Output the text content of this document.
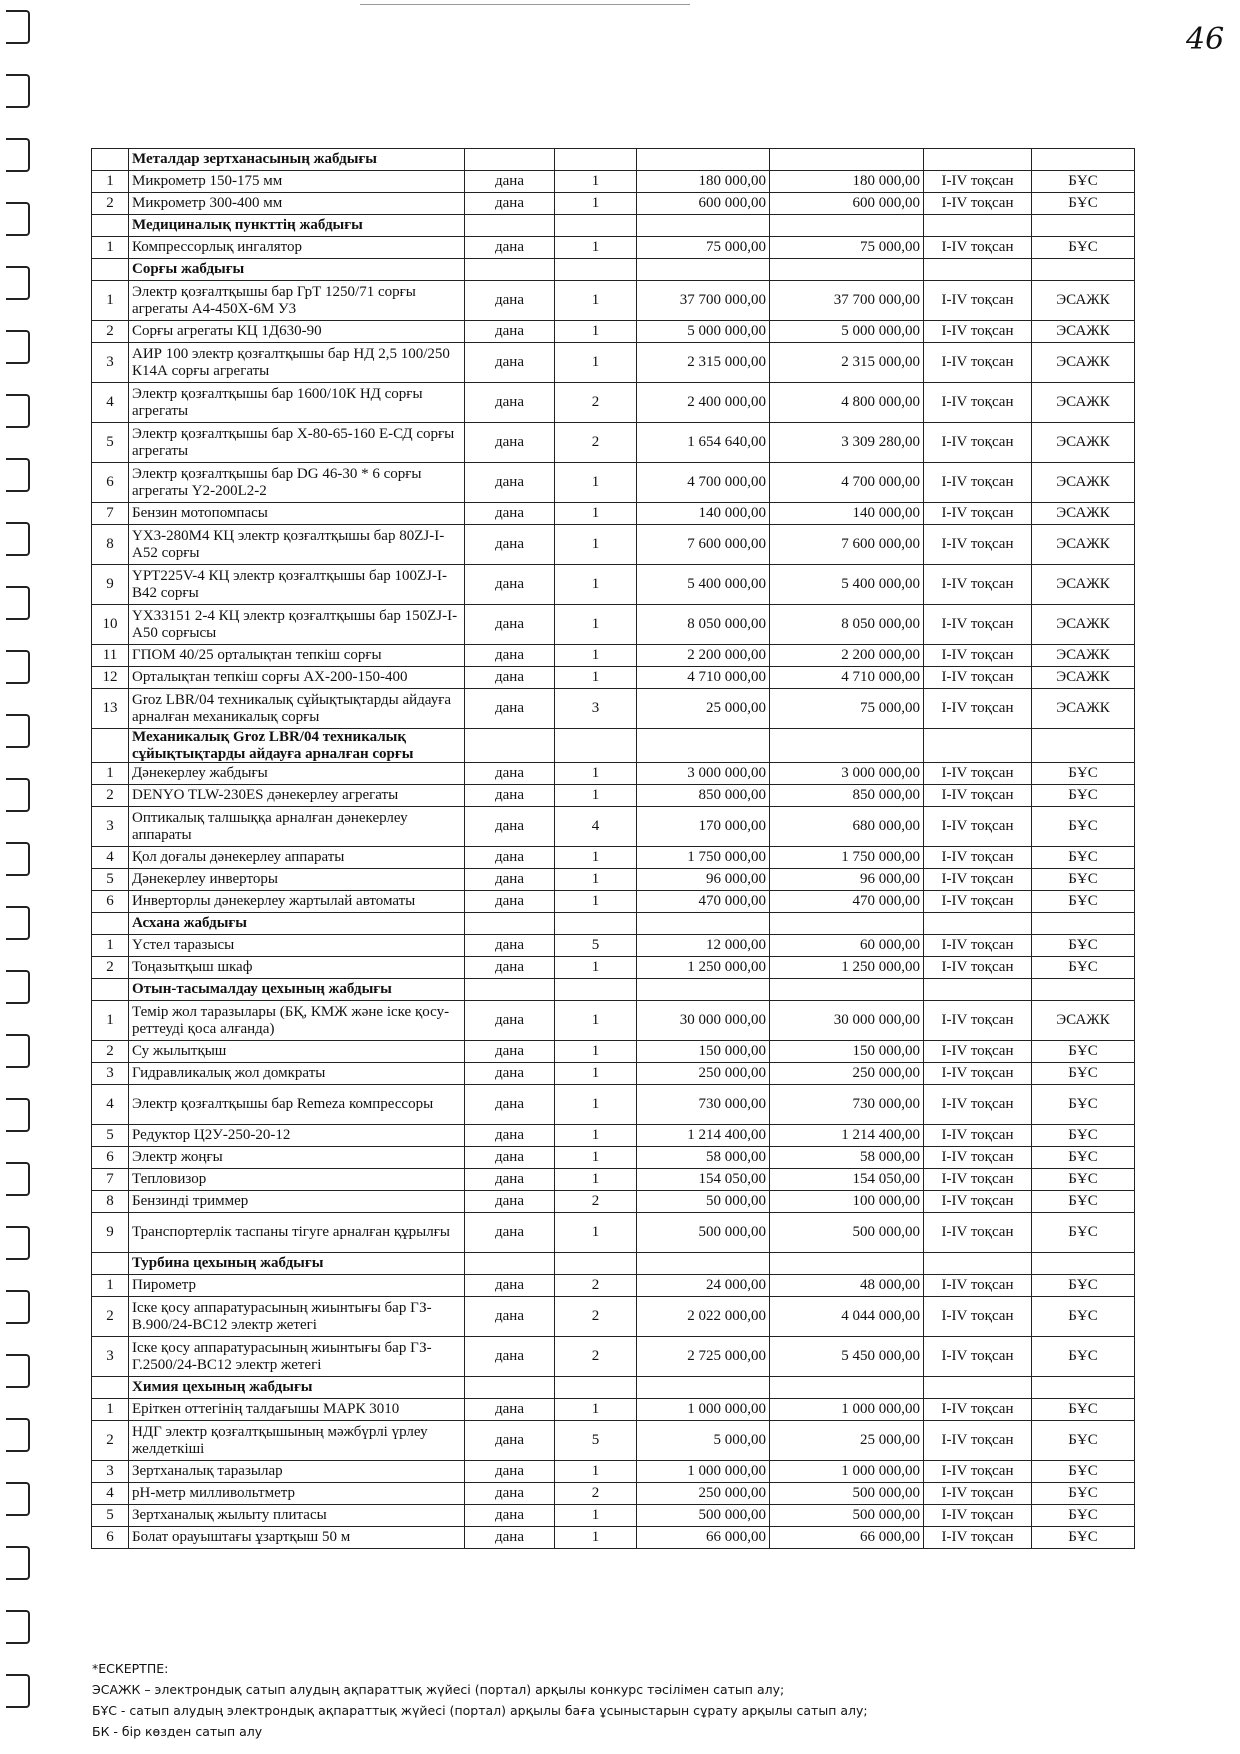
46
	Металдар зертханасының жабдығы						
1	Микрометр 150-175 мм	дана	1	180 000,00	180 000,00	I-IV тоқсан	БҰС
2	Микрометр 300-400 мм	дана	1	600 000,00	600 000,00	I-IV тоқсан	БҰС
	Медициналық пункттің жабдығы						
1	Компрессорлық ингалятор	дана	1	75 000,00	75 000,00	I-IV тоқсан	БҰС
	Сорғы жабдығы						
1	Электр қозғалтқышы бар ГрТ 1250/71 сорғы агрегаты А4-450Х-6М У3	дана	1	37 700 000,00	37 700 000,00	I-IV тоқсан	ЭСАЖК
2	Сорғы агрегаты КЦ 1Д630-90	дана	1	5 000 000,00	5 000 000,00	I-IV тоқсан	ЭСАЖК
3	АИР 100 электр қозғалтқышы бар НД 2,5 100/250 К14А сорғы агрегаты	дана	1	2 315 000,00	2 315 000,00	I-IV тоқсан	ЭСАЖК
4	Электр қозғалтқышы бар 1600/10К НД сорғы агрегаты	дана	2	2 400 000,00	4 800 000,00	I-IV тоқсан	ЭСАЖК
5	Электр қозғалтқышы бар Х-80-65-160 Е-СД сорғы агрегаты	дана	2	1 654 640,00	3 309 280,00	I-IV тоқсан	ЭСАЖК
6	Электр қозғалтқышы бар DG 46-30 * 6 сорғы агрегаты Y2-200L2-2	дана	1	4 700 000,00	4 700 000,00	I-IV тоқсан	ЭСАЖК
7	Бензин мотопомпасы	дана	1	140 000,00	140 000,00	I-IV тоқсан	ЭСАЖК
8	YX3-280M4 КЦ электр қозғалтқышы бар 80ZJ-I-A52 сорғы	дана	1	7 600 000,00	7 600 000,00	I-IV тоқсан	ЭСАЖК
9	YPT225V-4 КЦ электр қозғалтқышы бар 100ZJ-I-B42 сорғы	дана	1	5 400 000,00	5 400 000,00	I-IV тоқсан	ЭСАЖК
10	YX33151 2-4 КЦ электр қозғалтқышы бар 150ZJ-I-A50 сорғысы	дана	1	8 050 000,00	8 050 000,00	I-IV тоқсан	ЭСАЖК
11	ГПОМ 40/25 орталықтан тепкіш сорғы	дана	1	2 200 000,00	2 200 000,00	I-IV тоқсан	ЭСАЖК
12	Орталықтан тепкіш сорғы АХ-200-150-400	дана	1	4 710 000,00	4 710 000,00	I-IV тоқсан	ЭСАЖК
13	Groz LBR/04 техникалық сұйықтықтарды айдауға арналған механикалық сорғы	дана	3	25 000,00	75 000,00	I-IV тоқсан	ЭСАЖК
	Механикалық Groz LBR/04 техникалық сұйықтықтарды айдауға арналған сорғы						
1	Дәнекерлеу жабдығы	дана	1	3 000 000,00	3 000 000,00	I-IV тоқсан	БҰС
2	DENYO TLW-230ES дәнекерлеу агрегаты	дана	1	850 000,00	850 000,00	I-IV тоқсан	БҰС
3	Оптикалық талшыққа арналған дәнекерлеу аппараты	дана	4	170 000,00	680 000,00	I-IV тоқсан	БҰС
4	Қол доғалы дәнекерлеу аппараты	дана	1	1 750 000,00	1 750 000,00	I-IV тоқсан	БҰС
5	Дәнекерлеу инверторы	дана	1	96 000,00	96 000,00	I-IV тоқсан	БҰС
6	Инверторлы дәнекерлеу жартылай автоматы	дана	1	470 000,00	470 000,00	I-IV тоқсан	БҰС
	Асхана жабдығы						
1	Үстел таразысы	дана	5	12 000,00	60 000,00	I-IV тоқсан	БҰС
2	Тоңазытқыш шкаф	дана	1	1 250 000,00	1 250 000,00	I-IV тоқсан	БҰС
	Отын-тасымалдау цехының жабдығы						
1	Темір жол таразылары (БҚ, КМЖ және іске қосу-реттеуді қоса алғанда)	дана	1	30 000 000,00	30 000 000,00	I-IV тоқсан	ЭСАЖК
2	Су жылытқыш	дана	1	150 000,00	150 000,00	I-IV тоқсан	БҰС
3	Гидравликалық жол домкраты	дана	1	250 000,00	250 000,00	I-IV тоқсан	БҰС
4	Электр қозғалтқышы бар Remeza компрессоры	дана	1	730 000,00	730 000,00	I-IV тоқсан	БҰС
5	Редуктор Ц2У-250-20-12	дана	1	1 214 400,00	1 214 400,00	I-IV тоқсан	БҰС
6	Электр жоңғы	дана	1	58 000,00	58 000,00	I-IV тоқсан	БҰС
7	Тепловизор	дана	1	154 050,00	154 050,00	I-IV тоқсан	БҰС
8	Бензинді триммер	дана	2	50 000,00	100 000,00	I-IV тоқсан	БҰС
9	Транспортерлік таспаны тігуге арналған құрылғы	дана	1	500 000,00	500 000,00	I-IV тоқсан	БҰС
	Турбина цехының жабдығы						
1	Пирометр	дана	2	24 000,00	48 000,00	I-IV тоқсан	БҰС
2	Іске қосу аппаратурасының жиынтығы бар ГЗ-В.900/24-ВС12 электр жетегі	дана	2	2 022 000,00	4 044 000,00	I-IV тоқсан	БҰС
3	Іске қосу аппаратурасының жиынтығы бар ГЗ-Г.2500/24-ВС12 электр жетегі	дана	2	2 725 000,00	5 450 000,00	I-IV тоқсан	БҰС
	Химия цехының жабдығы						
1	Еріткен оттегінің талдағышы МАРК 3010	дана	1	1 000 000,00	1 000 000,00	I-IV тоқсан	БҰС
2	НДГ электр қозғалтқышының мәжбүрлі үрлеу желдеткіші	дана	5	5 000,00	25 000,00	I-IV тоқсан	БҰС
3	Зертханалық таразылар	дана	1	1 000 000,00	1 000 000,00	I-IV тоқсан	БҰС
4	pH-метр милливольтметр	дана	2	250 000,00	500 000,00	I-IV тоқсан	БҰС
5	Зертханалық жылыту плитасы	дана	1	500 000,00	500 000,00	I-IV тоқсан	БҰС
6	Болат орауыштағы ұзартқыш 50 м	дана	1	66 000,00	66 000,00	I-IV тоқсан	БҰС
*ЕСКЕРТПЕ:
ЭСАЖК – электрондық сатып алудың ақпараттық жүйесі (портал) арқылы конкурс тәсілімен сатып алу;
БҰС - сатып алудың электрондық ақпараттық жүйесі (портал) арқылы баға ұсыныстарын сұрату арқылы сатып алу;
БК - бір көзден сатып алу
